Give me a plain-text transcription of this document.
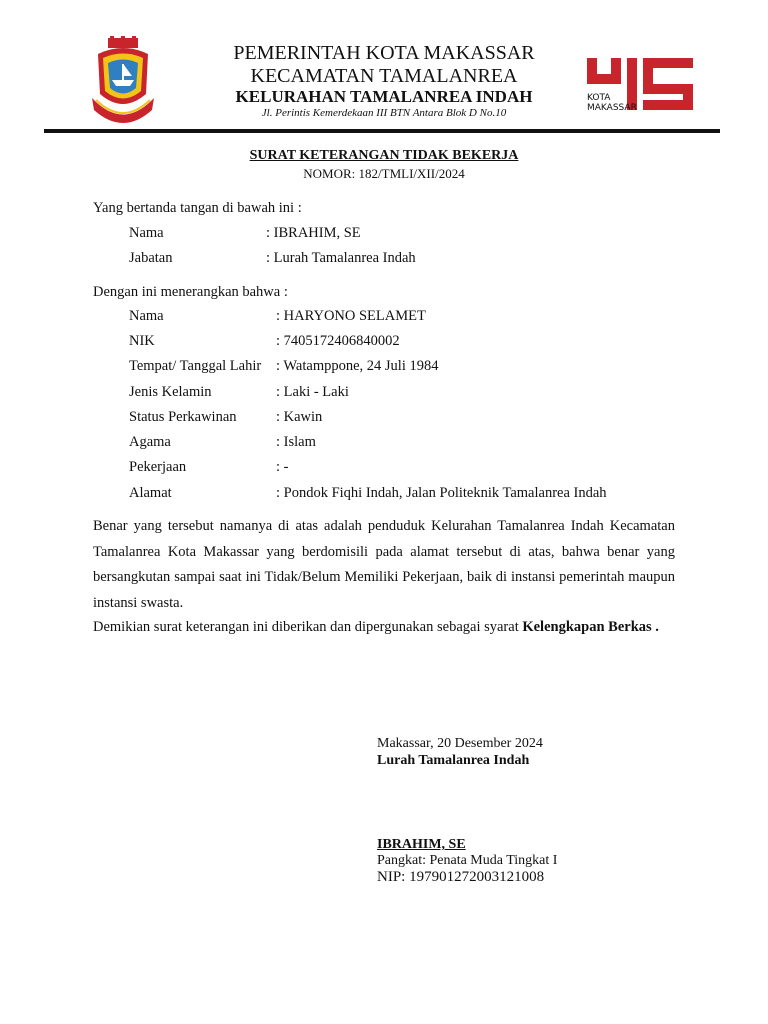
PEMERINTAH KOTA MAKASSAR
KECAMATAN TAMALANREA
KELURAHAN TAMALANREA INDAH
Jl. Perintis Kemerdekaan III BTN Antara Blok D No.10
KOTA
MAKASSAR
SURAT KETERANGAN TIDAK BEKERJA
NOMOR: 182/TMLI/XII/2024
Yang bertanda tangan di bawah ini :
Nama	: IBRAHIM, SE
Jabatan	: Lurah Tamalanrea Indah
Dengan ini menerangkan bahwa :
Nama	: HARYONO SELAMET
NIK	: 7405172406840002
Tempat/ Tanggal Lahir : Watamppone, 24 Juli 1984
Jenis Kelamin	: Laki - Laki
Status Perkawinan	: Kawin
Agama	: Islam
Pekerjaan	: -
Alamat	: Pondok Fiqhi Indah, Jalan Politeknik Tamalanrea Indah
Benar yang tersebut namanya di atas adalah penduduk Kelurahan Tamalanrea Indah Kecamatan Tamalanrea Kota Makassar yang berdomisili pada alamat tersebut di atas, bahwa benar yang bersangkutan sampai saat ini Tidak/Belum Memiliki Pekerjaan, baik di instansi pemerintah maupun instansi swasta.
Demikian surat keterangan ini diberikan dan dipergunakan sebagai syarat Kelengkapan Berkas .
Makassar, 20 Desember 2024
Lurah Tamalanrea Indah
IBRAHIM, SE
Pangkat: Penata Muda Tingkat I
NIP: 197901272003121008
